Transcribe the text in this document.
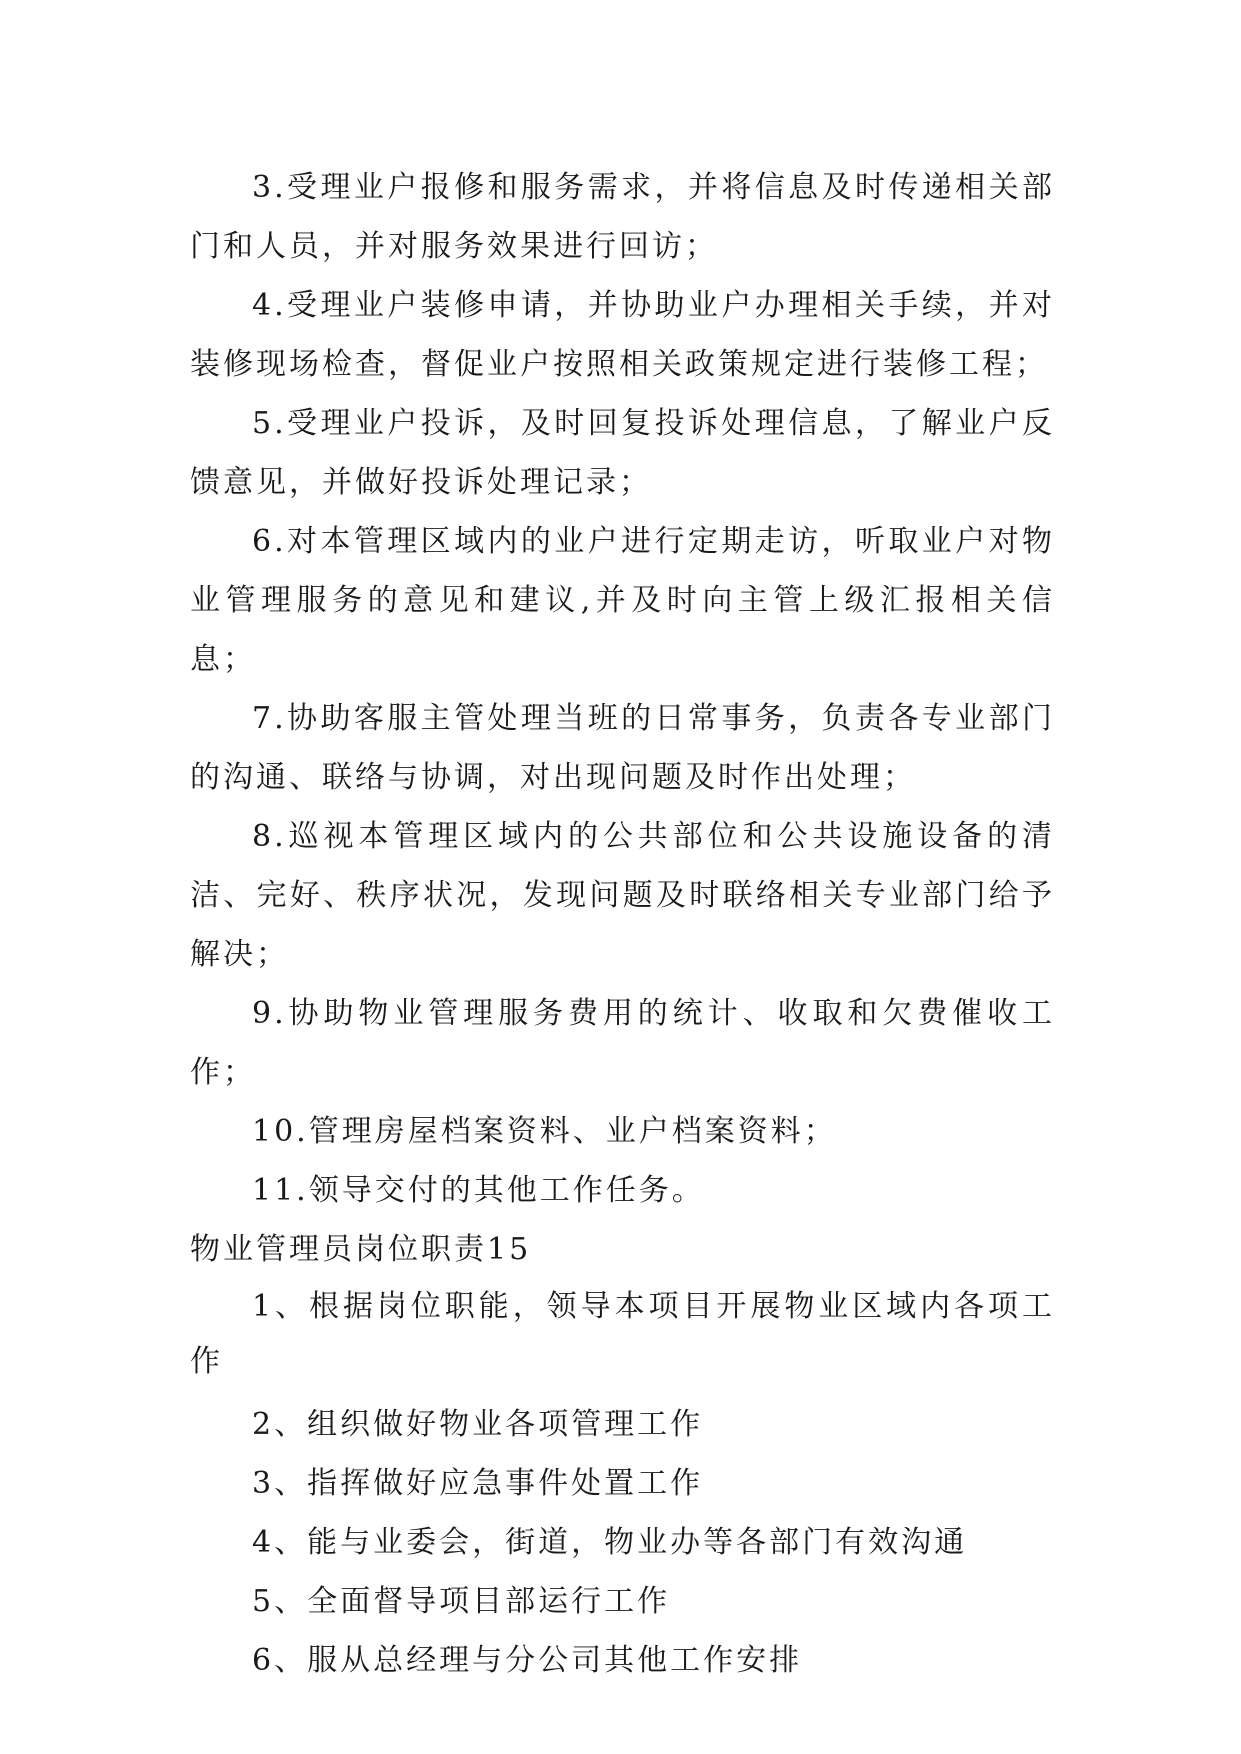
3.受理业户报修和服务需求，并将信息及时传递相关部门和人员，并对服务效果进行回访；

4.受理业户装修申请，并协助业户办理相关手续，并对装修现场检查，督促业户按照相关政策规定进行装修工程；

5.受理业户投诉，及时回复投诉处理信息，了解业户反馈意见，并做好投诉处理记录；

6.对本管理区域内的业户进行定期走访，听取业户对物业管理服务的意见和建议,并及时向主管上级汇报相关信息；

7.协助客服主管处理当班的日常事务，负责各专业部门的沟通、联络与协调，对出现问题及时作出处理；

8.巡视本管理区域内的公共部位和公共设施设备的清洁、完好、秩序状况，发现问题及时联络相关专业部门给予解决；

9.协助物业管理服务费用的统计、收取和欠费催收工作；

10.管理房屋档案资料、业户档案资料；

11.领导交付的其他工作任务。

物业管理员岗位职责15

1、根据岗位职能，领导本项目开展物业区域内各项工作

2、组织做好物业各项管理工作

3、指挥做好应急事件处置工作

4、能与业委会，街道，物业办等各部门有效沟通

5、全面督导项目部运行工作

6、服从总经理与分公司其他工作安排
